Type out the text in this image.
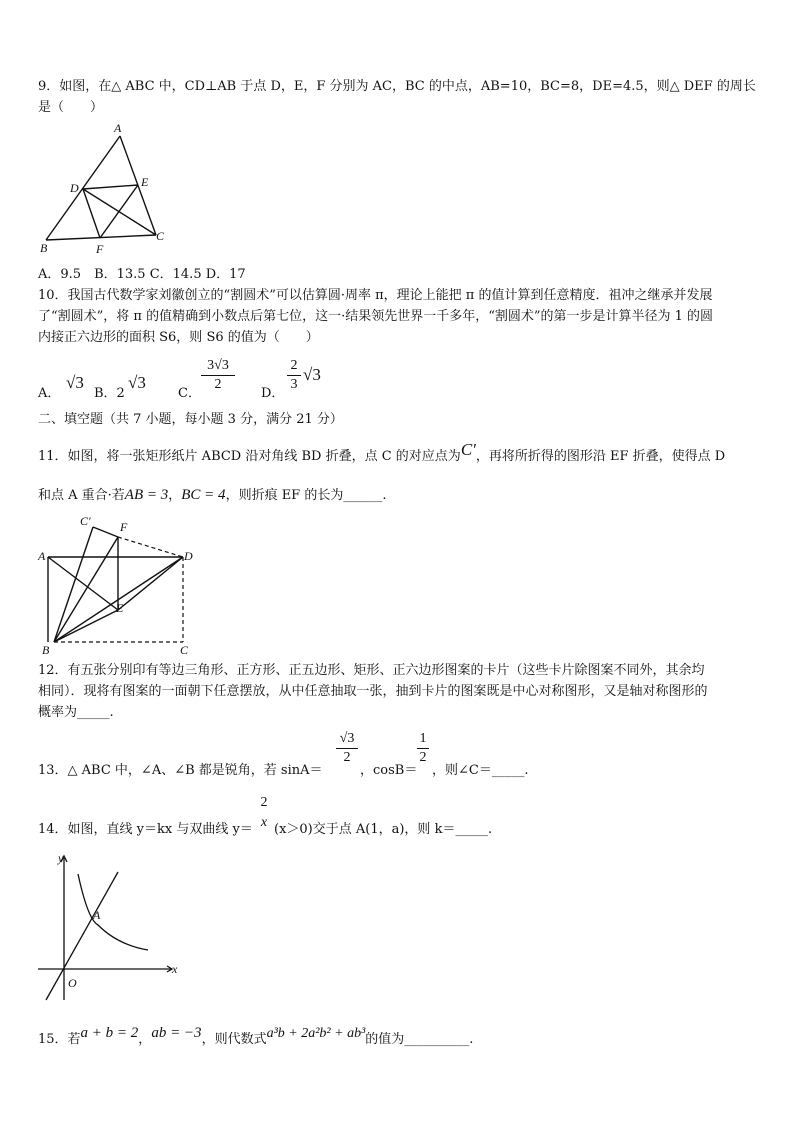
9．如图，在△ ABC 中，CD⊥AB 于点 D，E，F 分别为 AC，BC 的中点，AB=10，BC=8，DE=4.5，则△ DEF 的周长
是（　　）
A
D	E
B	F
C
A．9.5　B．13.5 C．14.5 D．17
10．我国古代数学家刘徽创立的“割圆术”可以估算圆·周率 π，理论上能把 π 的值计算到任意精度．祖冲之继承并发展
了“割圆术”，将 π 的值精确到小数点后第七位，这一·结果领先世界一千多年，“割圆术”的第一步是计算半径为 1 的圆
内接正六边形的面积 S6，则 S6 的值为（　　）
A．
√3
B．2
√3
C．
3√3
2
D．
2
3
√3
二、填空题（共 7 小题，每小题 3 分，满分 21 分）
11．如图，将一张矩形纸片 ABCD 沿对角线 BD 折叠，点 C 的对应点为C′，再将所折得的图形沿 EF 折叠，使得点 D
和点 A 重合·若AB = 3，BC = 4，则折痕 EF 的长为______.
C′ F
A	D
E
B	C
12．有五张分别印有等边三角形、正方形、正五边形、矩形、正六边形图案的卡片（这些卡片除图案不同外，其余均
相同）．现将有图案的一面朝下任意摆放，从中任意抽取一张，抽到卡片的图案既是中心对称图形，又是轴对称图形的
概率为_____.
13．△ ABC 中，∠A、∠B 都是锐角，若 sinA＝
√3
2
，cosB＝
1
2
，则∠C＝_____.
14．如图，直线 y＝kx 与双曲线 y＝
2
x (x＞0)交于点 A(1，a)，则 k＝_____.
y
x
A
O
15．若a + b = 2，ab = −3，则代数式a³b + 2a²b² + ab³的值为__________.
